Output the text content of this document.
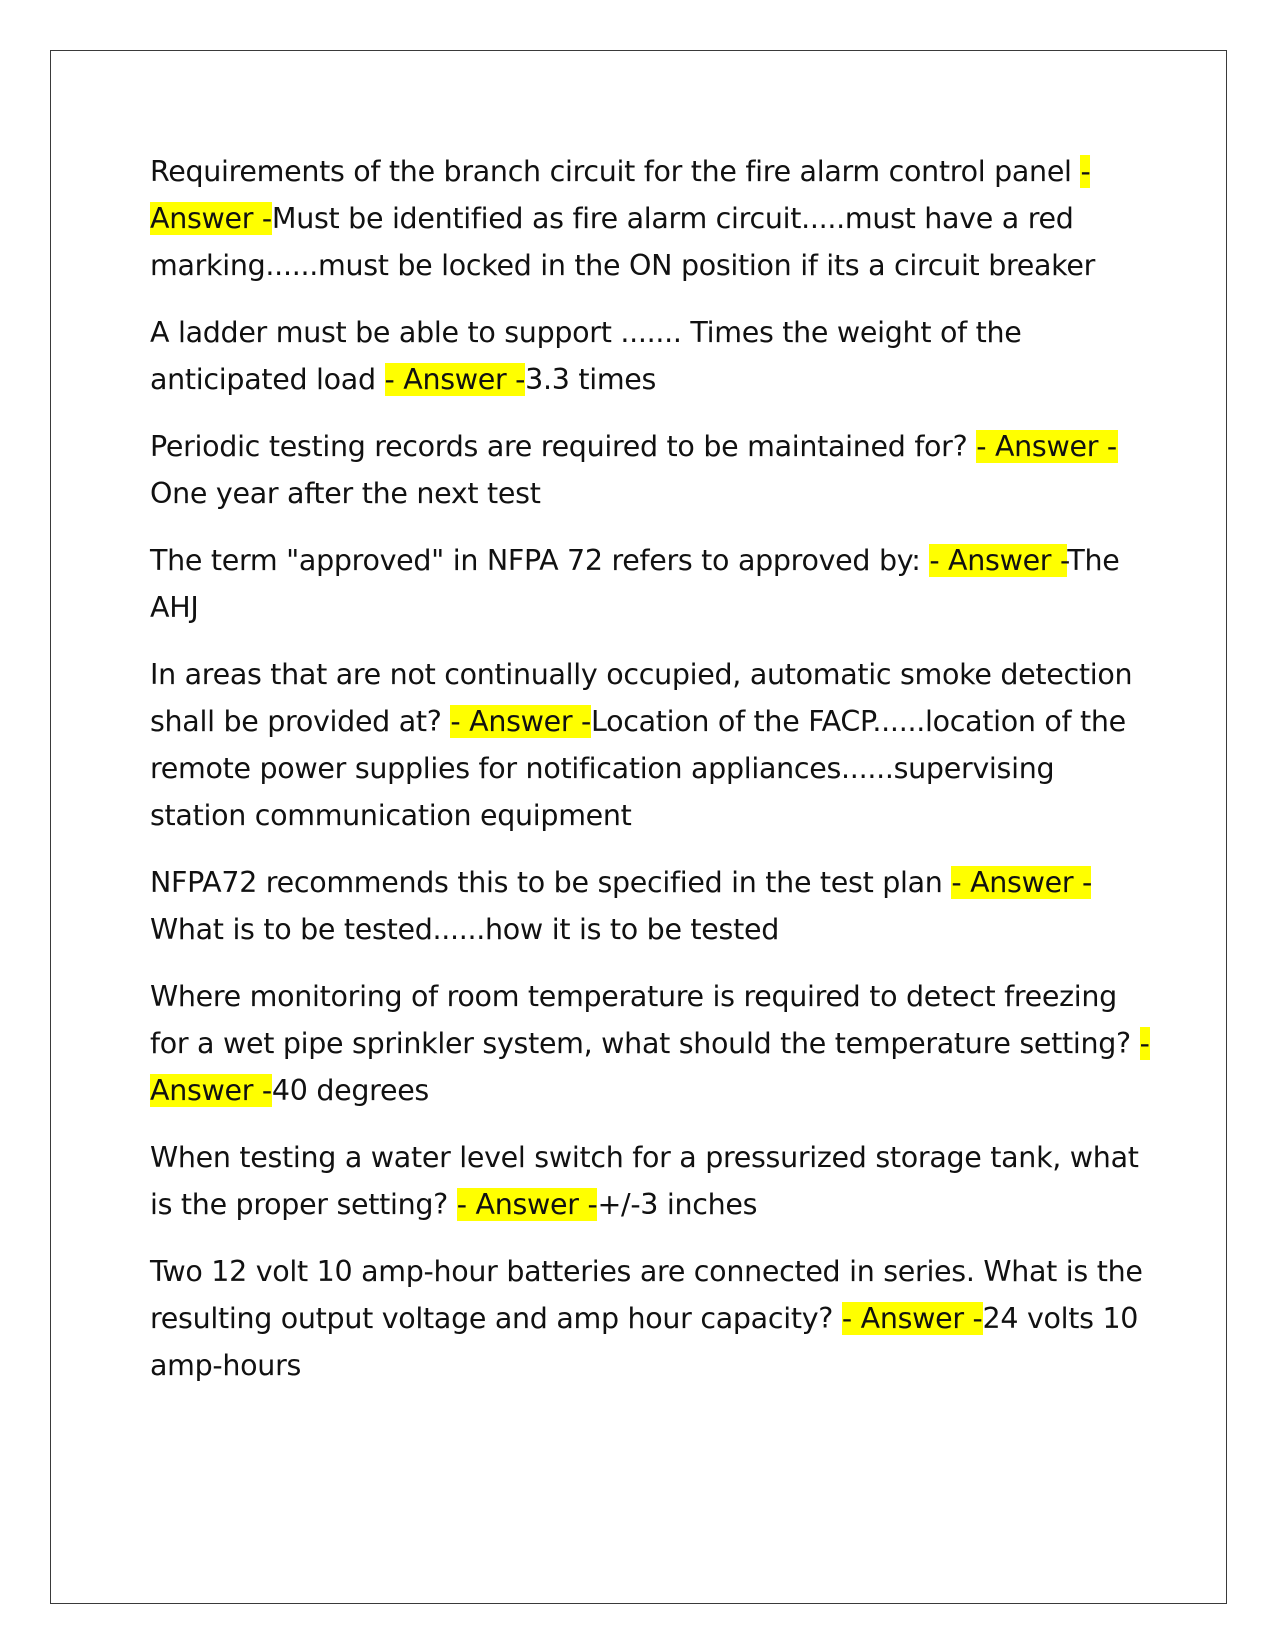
Requirements of the branch circuit for the fire alarm control panel - Answer -Must be identified as fire alarm circuit.....must have a red marking......must be locked in the ON position if its a circuit breaker

A ladder must be able to support ....... Times the weight of the anticipated load - Answer -3.3 times

Periodic testing records are required to be maintained for? - Answer -One year after the next test

The term "approved" in NFPA 72 refers to approved by: - Answer -The AHJ

In areas that are not continually occupied, automatic smoke detection shall be provided at? - Answer -Location of the FACP......location of the remote power supplies for notification appliances......supervising station communication equipment

NFPA72 recommends this to be specified in the test plan - Answer -What is to be tested......how it is to be tested

Where monitoring of room temperature is required to detect freezing for a wet pipe sprinkler system, what should the temperature setting? - Answer -40 degrees

When testing a water level switch for a pressurized storage tank, what is the proper setting? - Answer -+/-3 inches

Two 12 volt 10 amp-hour batteries are connected in series. What is the resulting output voltage and amp hour capacity? - Answer -24 volts 10 amp-hours
